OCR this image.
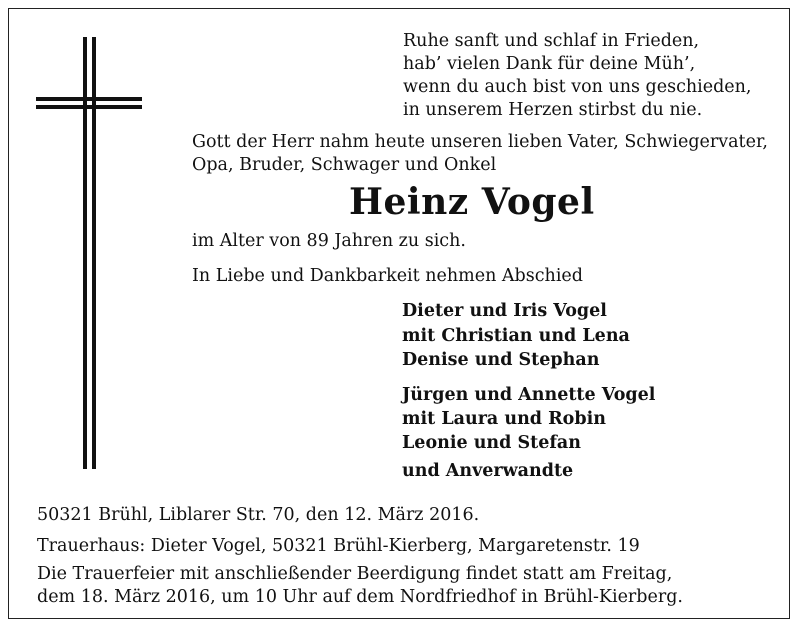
Ruhe sanft und schlaf in Frieden,
hab’ vielen Dank für deine Müh’,
wenn du auch bist von uns geschieden,
in unserem Herzen stirbst du nie.
Gott der Herr nahm heute unseren lieben Vater, Schwiegervater,
Opa, Bruder, Schwager und Onkel
Heinz Vogel
im Alter von 89 Jahren zu sich.
In Liebe und Dankbarkeit nehmen Abschied
Dieter und Iris Vogel
mit Christian und Lena
Denise und Stephan
Jürgen und Annette Vogel
mit Laura und Robin
Leonie und Stefan
und Anverwandte
50321 Brühl, Liblarer Str. 70, den 12. März 2016.
Trauerhaus: Dieter Vogel, 50321 Brühl-Kierberg, Margaretenstr. 19
Die Trauerfeier mit anschließender Beerdigung findet statt am Freitag,
dem 18. März 2016, um 10 Uhr auf dem Nordfriedhof in Brühl-Kierberg.
